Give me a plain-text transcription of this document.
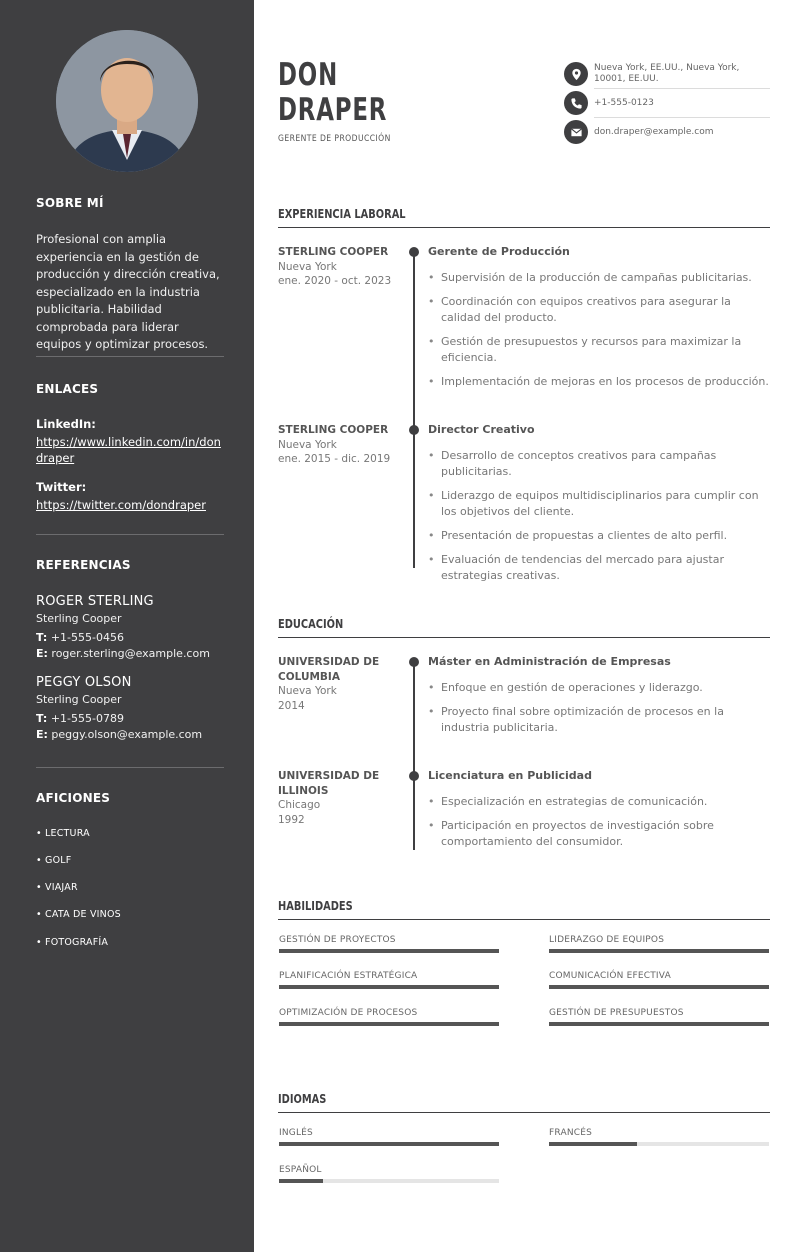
SOBRE MÍ
Profesional con amplia experiencia en la gestión de producción y dirección creativa, especializado en la industria publicitaria. Habilidad comprobada para liderar equipos y optimizar procesos.
ENLACES
LinkedIn:
https://www.linkedin.com/in/dondraper
Twitter:
https://twitter.com/dondraper
REFERENCIAS
ROGER STERLING
Sterling Cooper
T: +1-555-0456
E: roger.sterling@example.com
PEGGY OLSON
Sterling Cooper
T: +1-555-0789
E: peggy.olson@example.com
AFICIONES
• LECTURA
• GOLF
• VIAJAR
• CATA DE VINOS
• FOTOGRAFÍA
DON
DRAPER
GERENTE DE PRODUCCIÓN
Nueva York, EE.UU., Nueva York, 10001, EE.UU.
+1-555-0123
don.draper@example.com
EXPERIENCIA LABORAL
STERLING COOPER
Nueva York
ene. 2020 - oct. 2023
Gerente de Producción
• Supervisión de la producción de campañas publicitarias.
• Coordinación con equipos creativos para asegurar la calidad del producto.
• Gestión de presupuestos y recursos para maximizar la eficiencia.
• Implementación de mejoras en los procesos de producción.
STERLING COOPER
Nueva York
ene. 2015 - dic. 2019
Director Creativo
• Desarrollo de conceptos creativos para campañas publicitarias.
• Liderazgo de equipos multidisciplinarios para cumplir con los objetivos del cliente.
• Presentación de propuestas a clientes de alto perfil.
• Evaluación de tendencias del mercado para ajustar estrategias creativas.
EDUCACIÓN
UNIVERSIDAD DE COLUMBIA
Nueva York
2014
Máster en Administración de Empresas
• Enfoque en gestión de operaciones y liderazgo.
• Proyecto final sobre optimización de procesos en la industria publicitaria.
UNIVERSIDAD DE ILLINOIS
Chicago
1992
Licenciatura en Publicidad
• Especialización en estrategias de comunicación.
• Participación en proyectos de investigación sobre comportamiento del consumidor.
HABILIDADES
GESTIÓN DE PROYECTOS	LIDERAZGO DE EQUIPOS
PLANIFICACIÓN ESTRATÉGICA	COMUNICACIÓN EFECTIVA
OPTIMIZACIÓN DE PROCESOS	GESTIÓN DE PRESUPUESTOS
IDIOMAS
INGLÉS	FRANCÉS
ESPAÑOL
